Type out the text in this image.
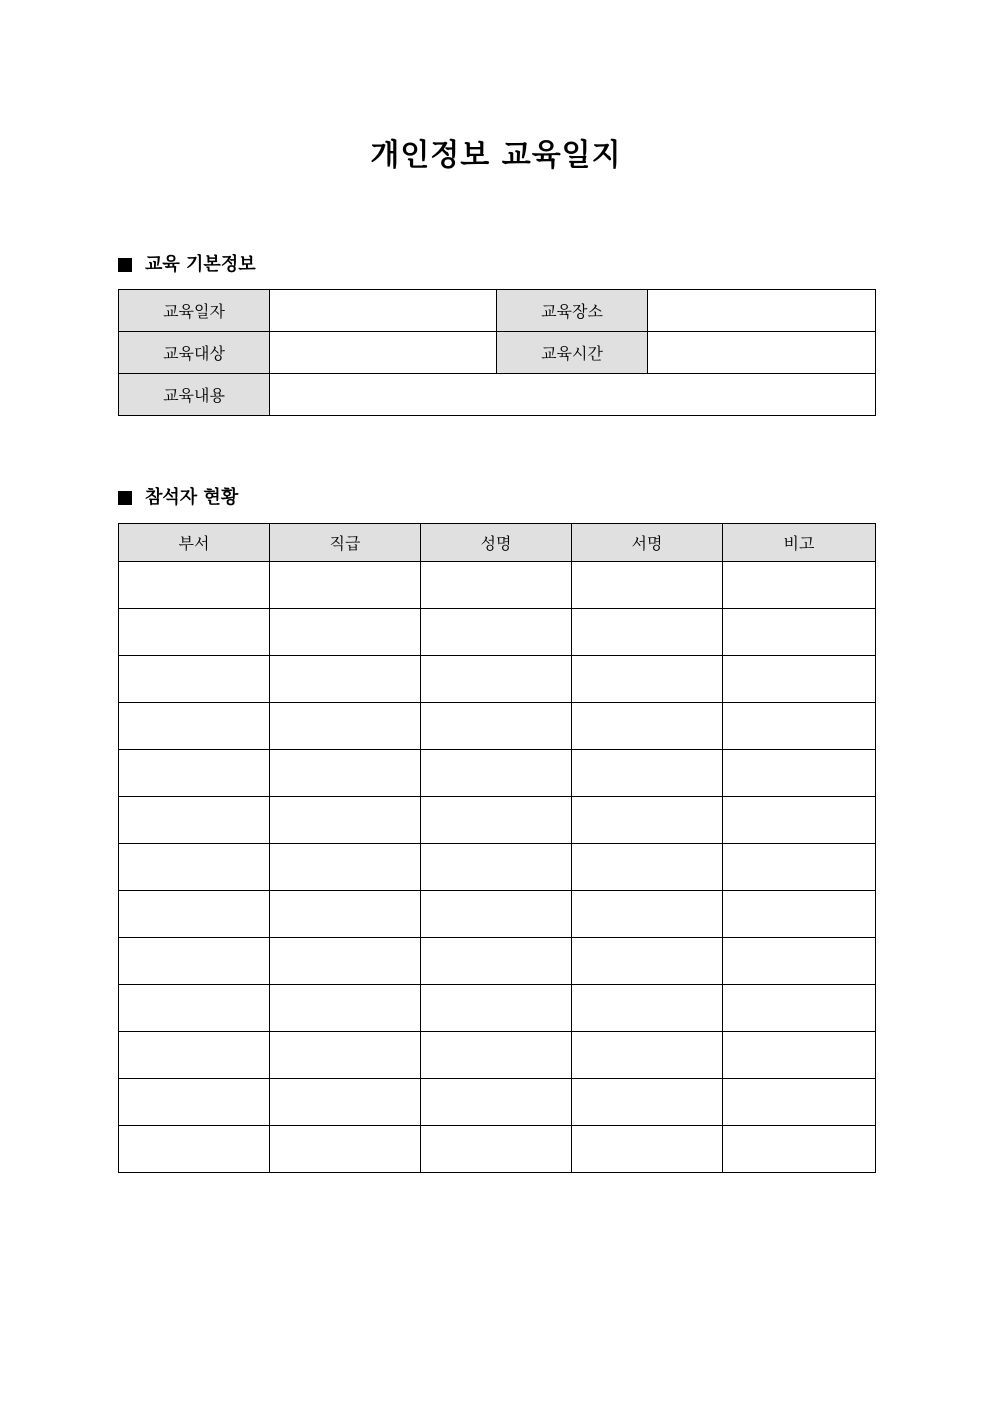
개인정보 교육일지
교육 기본정보
교육일자		교육장소	
교육대상		교육시간	
교육내용			
참석자 현황
부서	직급	성명	서명	비고
